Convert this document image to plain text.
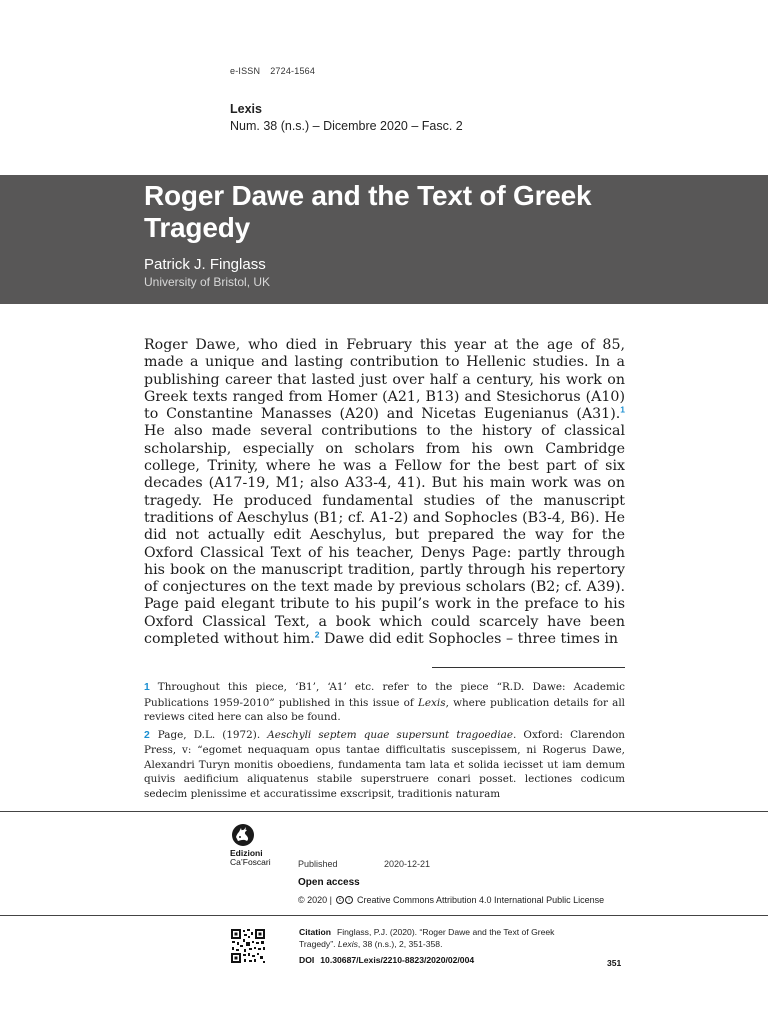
e-ISSN 2724-1564
Lexis
Num. 38 (n.s.) – Dicembre 2020 – Fasc. 2
Roger Dawe and the Text of Greek Tragedy
Patrick J. Finglass
University of Bristol, UK
Roger Dawe, who died in February this year at the age of 85, made a unique and lasting contribution to Hellenic studies. In a publishing career that lasted just over half a century, his work on Greek texts ranged from Homer (A21, B13) and Stesichorus (A10) to Constantine Manasses (A20) and Nicetas Eugenianus (A31).$^1$ He also made several contributions to the history of classical scholarship, especially on scholars from his own Cambridge college, Trinity, where he was a Fellow for the best part of six decades (A17-19, M1; also A33-4, 41). But his main work was on tragedy. He produced fundamental studies of the manuscript traditions of Aeschylus (B1; cf. A1-2) and Sophocles (B3-4, B6). He did not actually edit Aeschylus, but prepared the way for the Oxford Classical Text of his teacher, Denys Page: partly through his book on the manuscript tradition, partly through his repertory of conjectures on the text made by previous scholars (B2; cf. A39). Page paid elegant tribute to his pupil’s work in the preface to his Oxford Classical Text, a book which could scarcely have been completed without him.$^2$ Dawe did edit Sophocles – three times in
1 Throughout this piece, ‘B1’, ‘A1’ etc. refer to the piece “R.D. Dawe: Academic Publications 1959-2010” published in this issue of Lexis, where publication details for all reviews cited here can also be found.
2 Page, D.L. (1972). Aeschyli septem quae supersunt tragoediae. Oxford: Clarendon Press, v: “egomet nequaquam opus tantae difficultatis suscepissem, ni Rogerus Dawe, Alexandri Turyn monitis oboediens, fundamenta tam lata et solida iecisset ut iam demum quivis aedificium aliquatenus stabile superstruere conari posset. lectiones codicum sedecim plenissime et accuratissime exscripsit, traditionis naturam
Edizioni
Ca’Foscari	Published	2020-12-21
Open access
© 2020 |	c	i Creative Commons Attribution 4.0 International Public License
Citation Finglass, P.J. (2020). “Roger Dawe and the Text of Greek Tragedy”. Lexis, 38 (n.s.), 2, 351-358.
DOI 10.30687/Lexis/2210-8823/2020/02/004	351
